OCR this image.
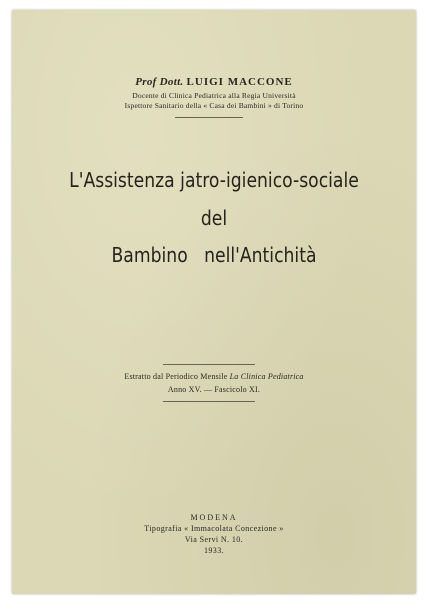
Prof Dott. LUIGI MACCONE
Docente di Clinica Pediatrica alla Regia Università
Ispettore Sanitario della « Casa dei Bambini » di Torino
L'Assistenza jatro-igienico-sociale
del
Bambino   nell'Antichità
Estratto dal Periodico Mensile La Clinica Pediatrica
Anno XV. — Fascicolo XI.
MODENA
Tipografia « Immacolata Concezione »
Via Servi N. 10.
1933.
